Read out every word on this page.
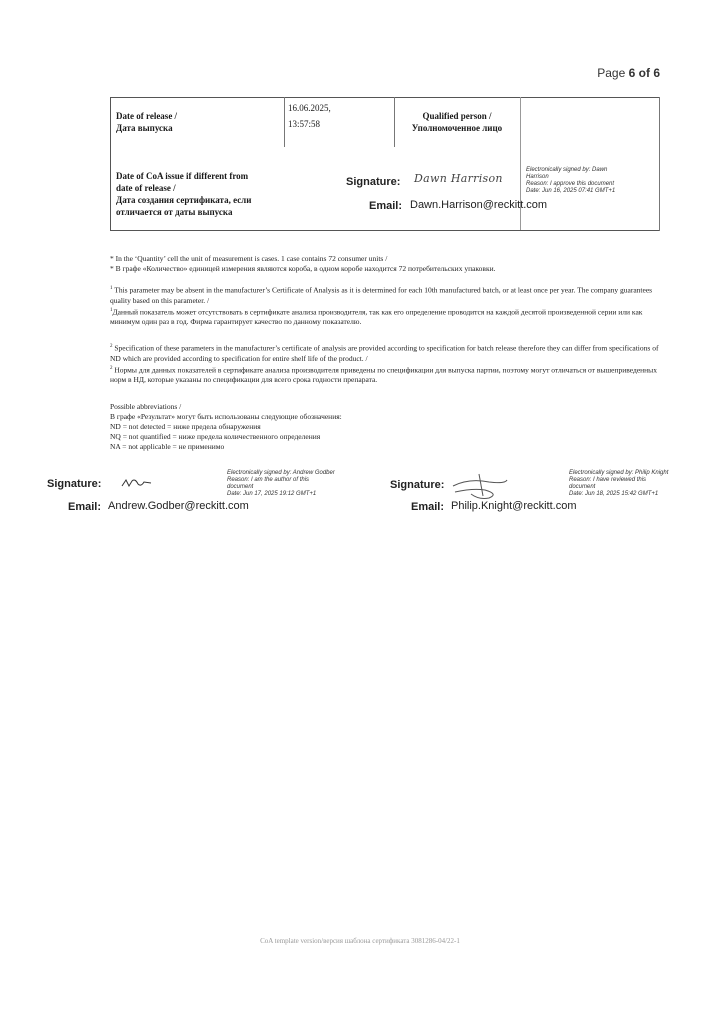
Page 6 of 6
Date of release /
Дата выпуска
16.06.2025,
13:57:58
Qualified person /
Уполномоченное лицо
Date of CoA issue if different from
date of release /
Дата создания сертификата, если
отличается от даты выпуска
Signature: Dawn Harrison
Electronically signed by: Dawn
Harrison
Reason: I approve this document
Date: Jun 16, 2025 07:41 GMT+1
Email: Dawn.Harrison@reckitt.com

* In the ‘Quantity’ cell the unit of measurement is cases. 1 case contains 72 consumer units /

* В графе «Количество» единицей измерения являются короба, в одном коробе находится 72 потребительских упаковки.

$^1$ This parameter may be absent in the manufacturer’s Certificate of Analysis as it is determined for each 10th manufactured batch, or at least once per year. The company guarantees quality based on this parameter. /

$^1$Данный показатель может отсутствовать в сертификате анализа производителя, так как его определение проводится на каждой десятой произведенной серии или как минимум один раз в год. Фирма гарантирует качество по данному показателю.

$^2$ Specification of these parameters in the manufacturer’s certificate of analysis are provided according to specification for batch release therefore they can differ from specifications of ND which are provided according to specification for entire shelf life of the product. /

$^2$ Нормы для данных показателей в сертификате анализа производителя приведены по спецификации для выпуска партии, поэтому могут отличаться от вышеприведенных норм в НД, которые указаны по спецификации для всего срока годности препарата.

Possible abbreviations /

В графе «Результат» могут быть использованы следующие обозначения:

ND = not detected = ниже предела обнаружения

NQ = not quantified = ниже предела количественного определения

NA = not applicable = не применимо

Signature:
Electronically signed by: Andrew Godber
Reason: I am the author of this
document
Date: Jun 17, 2025 19:12 GMT+1
Email: Andrew.Godber@reckitt.com
Signature:
Electronically signed by: Philip Knight
Reason: I have reviewed this
document
Date: Jun 18, 2025 15:42 GMT+1
Email: Philip.Knight@reckitt.com
CoA template version/версия шаблона сертификата 3081286-04/22-1
